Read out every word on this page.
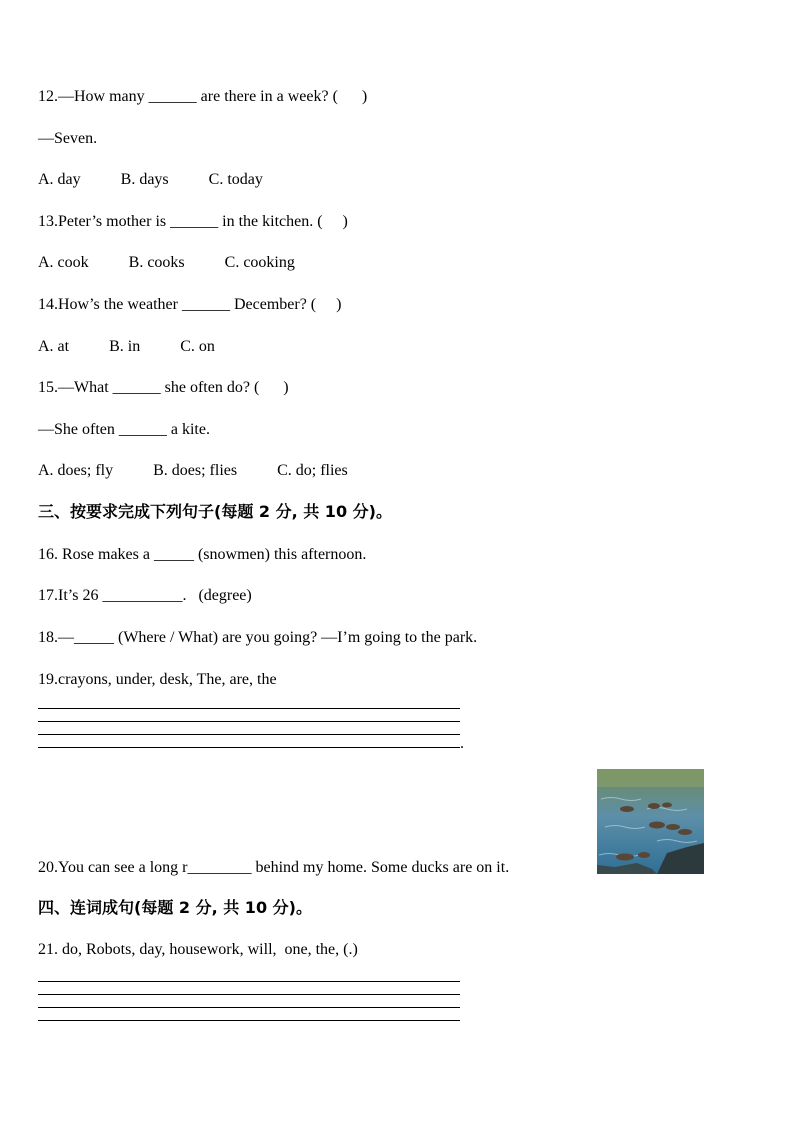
12.—How many ______ are there in a week? (      )
—Seven.
A. day          B. days          C. today
13.Peter’s mother is ______ in the kitchen. (     )
A. cook          B. cooks          C. cooking
14.How’s the weather ______ December? (     )
A. at          B. in          C. on
15.—What ______ she often do? (      )
—She often ______ a kite.
A. does; fly          B. does; flies          C. do; flies
三、按要求完成下列句子(每题 2 分, 共 10 分)。
16. Rose makes a _____ (snowmen) this afternoon.
17.It’s 26 __________.   (degree)
18.—_____ (Where / What) are you going? —I’m going to the park.
19.crayons, under, desk, The, are, the
.
20.You can see a long r________ behind my home. Some ducks are on it.
四、连词成句(每题 2 分, 共 10 分)。
21. do, Robots, day, housework, will,  one, the, (.)
